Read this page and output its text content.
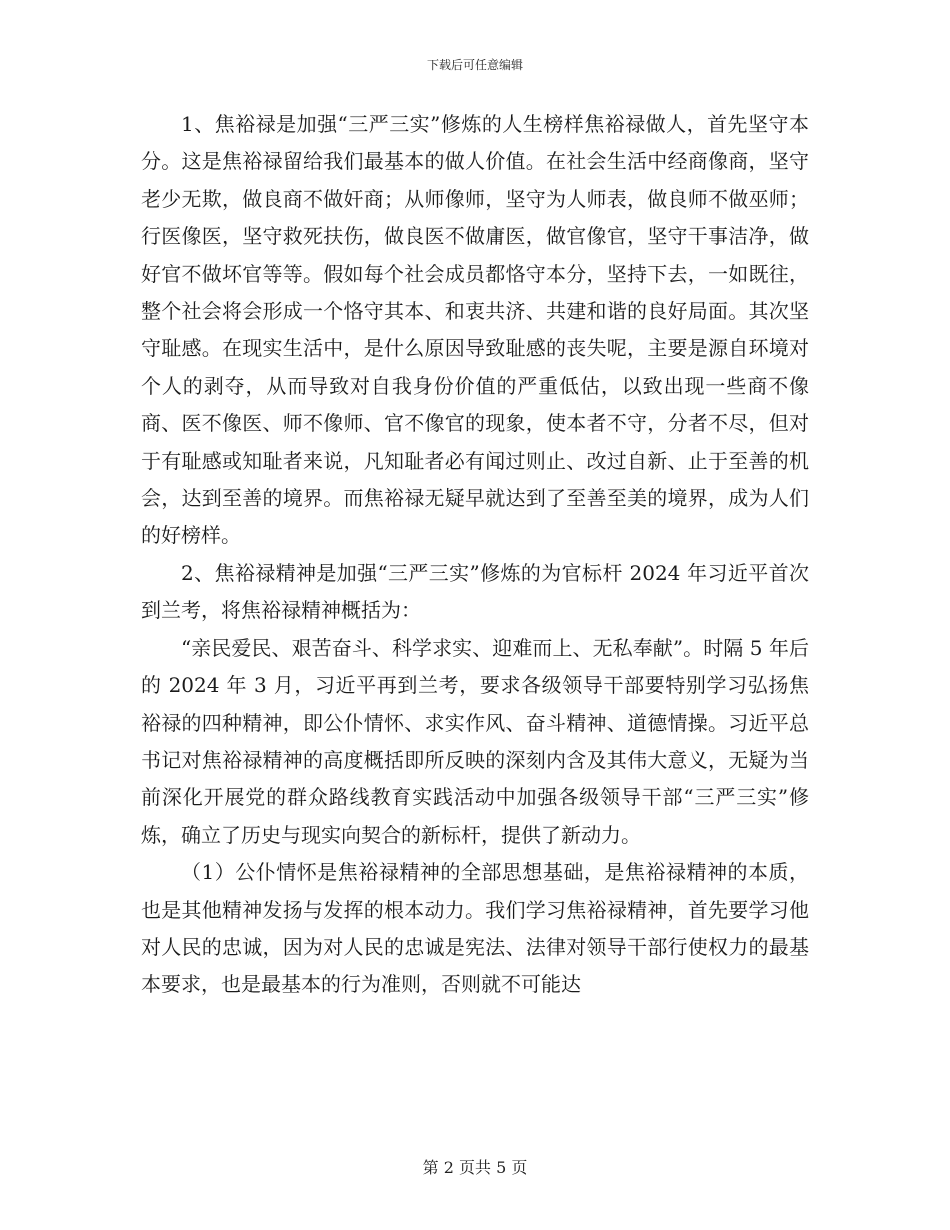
下载后可任意编辑

1、焦裕禄是加强“三严三实”修炼的人生榜样焦裕禄做人，首先坚守本分。这是焦裕禄留给我们最基本的做人价值。在社会生活中经商像商，坚守老少无欺，做良商不做奸商；从师像师，坚守为人师表，做良师不做巫师；行医像医，坚守救死扶伤，做良医不做庸医，做官像官，坚守干事洁净，做好官不做坏官等等。假如每个社会成员都恪守本分，坚持下去，一如既往，整个社会将会形成一个恪守其本、和衷共济、共建和谐的良好局面。其次坚守耻感。在现实生活中，是什么原因导致耻感的丧失呢，主要是源自环境对个人的剥夺，从而导致对自我身份价值的严重低估，以致出现一些商不像商、医不像医、师不像师、官不像官的现象，使本者不守，分者不尽，但对于有耻感或知耻者来说，凡知耻者必有闻过则止、改过自新、止于至善的机会，达到至善的境界。而焦裕禄无疑早就达到了至善至美的境界，成为人们的好榜样。

2、焦裕禄精神是加强“三严三实”修炼的为官标杆 2024 年习近平首次到兰考，将焦裕禄精神概括为：

“亲民爱民、艰苦奋斗、科学求实、迎难而上、无私奉献”。时隔 5 年后的 2024 年 3 月，习近平再到兰考，要求各级领导干部要特别学习弘扬焦裕禄的四种精神，即公仆情怀、求实作风、奋斗精神、道德情操。习近平总书记对焦裕禄精神的高度概括即所反映的深刻内含及其伟大意义，无疑为当前深化开展党的群众路线教育实践活动中加强各级领导干部“三严三实”修炼，确立了历史与现实向契合的新标杆，提供了新动力。

（1）公仆情怀是焦裕禄精神的全部思想基础，是焦裕禄精神的本质，也是其他精神发扬与发挥的根本动力。我们学习焦裕禄精神，首先要学习他对人民的忠诚，因为对人民的忠诚是宪法、法律对领导干部行使权力的最基本要求，也是最基本的行为准则，否则就不可能达

第 2 页共 5 页
